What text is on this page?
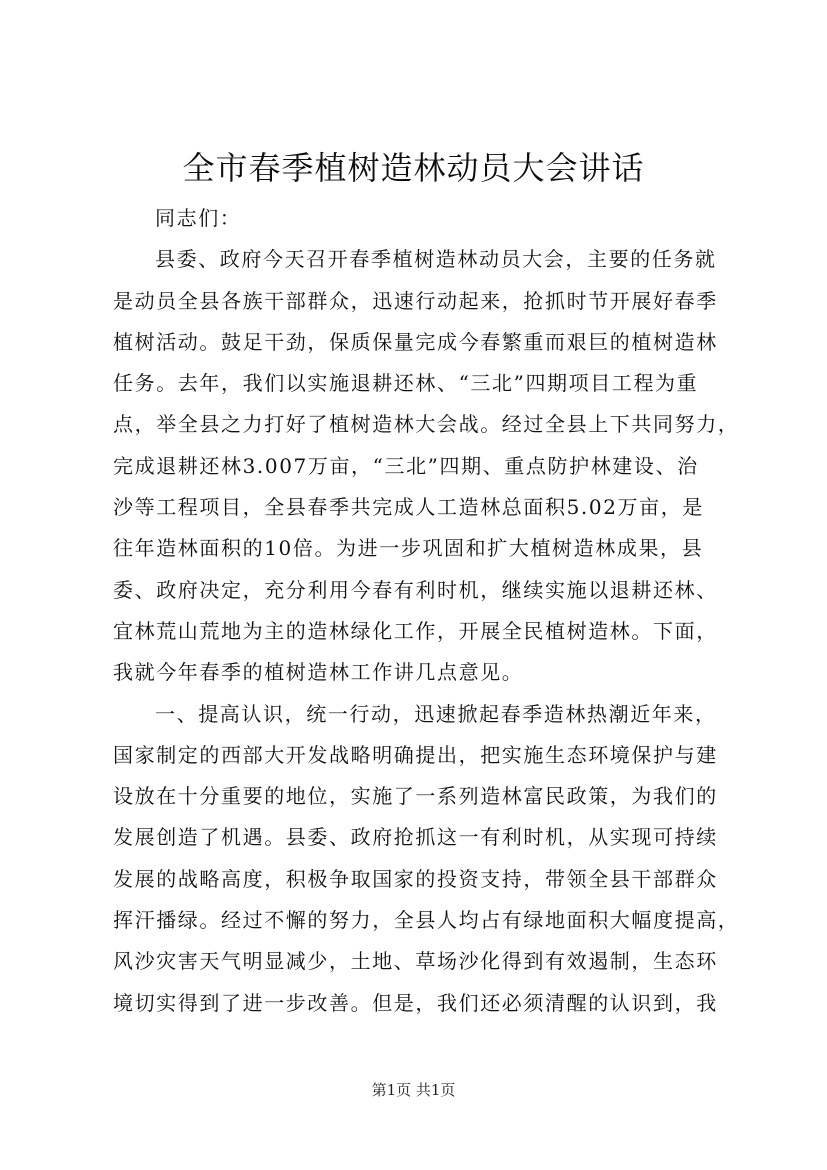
全市春季植树造林动员大会讲话
同志们：
县委、政府今天召开春季植树造林动员大会，主要的任务就
是动员全县各族干部群众，迅速行动起来，抢抓时节开展好春季
植树活动。鼓足干劲，保质保量完成今春繁重而艰巨的植树造林
任务。去年，我们以实施退耕还林、“三北”四期项目工程为重
点，举全县之力打好了植树造林大会战。经过全县上下共同努力，
完成退耕还林3.007万亩，“三北”四期、重点防护林建设、治
沙等工程项目，全县春季共完成人工造林总面积5.02万亩，是
往年造林面积的10倍。为进一步巩固和扩大植树造林成果，县
委、政府决定，充分利用今春有利时机，继续实施以退耕还林、
宜林荒山荒地为主的造林绿化工作，开展全民植树造林。下面，
我就今年春季的植树造林工作讲几点意见。
一、提高认识，统一行动，迅速掀起春季造林热潮近年来，
国家制定的西部大开发战略明确提出，把实施生态环境保护与建
设放在十分重要的地位，实施了一系列造林富民政策，为我们的
发展创造了机遇。县委、政府抢抓这一有利时机，从实现可持续
发展的战略高度，积极争取国家的投资支持，带领全县干部群众
挥汗播绿。经过不懈的努力，全县人均占有绿地面积大幅度提高，
风沙灾害天气明显减少，土地、草场沙化得到有效遏制，生态环
境切实得到了进一步改善。但是，我们还必须清醒的认识到，我
第1页 共1页
